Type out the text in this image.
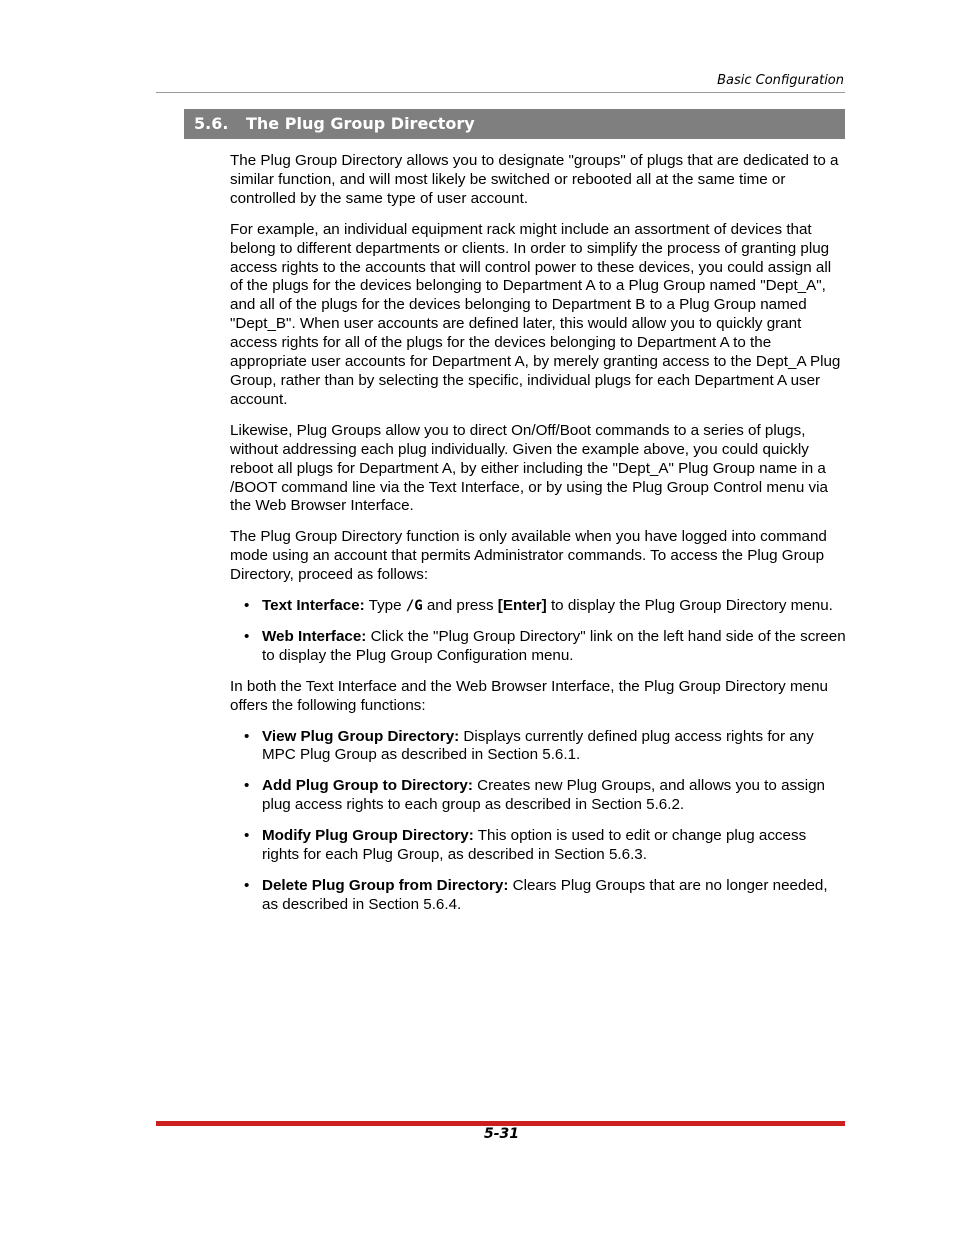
Basic Configuration
5.6. The Plug Group Directory

The Plug Group Directory allows you to designate "groups" of plugs that are dedicated to a similar function, and will most likely be switched or rebooted all at the same time or controlled by the same type of user account.

For example, an individual equipment rack might include an assortment of devices that belong to different departments or clients. In order to simplify the process of granting plug access rights to the accounts that will control power to these devices, you could assign all of the plugs for the devices belonging to Department A to a Plug Group named "Dept_A", and all of the plugs for the devices belonging to Department B to a Plug Group named "Dept_B". When user accounts are defined later, this would allow you to quickly grant access rights for all of the plugs for the devices belonging to Department A to the appropriate user accounts for Department A, by merely granting access to the Dept_A Plug Group, rather than by selecting the specific, individual plugs for each Department A user account.

Likewise, Plug Groups allow you to direct On/Off/Boot commands to a series of plugs, without addressing each plug individually. Given the example above, you could quickly reboot all plugs for Department A, by either including the "Dept_A" Plug Group name in a /BOOT command line via the Text Interface, or by using the Plug Group Control menu via the Web Browser Interface.

The Plug Group Directory function is only available when you have logged into command mode using an account that permits Administrator commands. To access the Plug Group Directory, proceed as follows:

• Text Interface: Type /G and press [Enter] to display the Plug Group Directory menu.
• Web Interface: Click the "Plug Group Directory" link on the left hand side of the screen to display the Plug Group Configuration menu.

In both the Text Interface and the Web Browser Interface, the Plug Group Directory menu offers the following functions:

• View Plug Group Directory: Displays currently defined plug access rights for any MPC Plug Group as described in Section 5.6.1.
• Add Plug Group to Directory: Creates new Plug Groups, and allows you to assign plug access rights to each group as described in Section 5.6.2.
• Modify Plug Group Directory: This option is used to edit or change plug access rights for each Plug Group, as described in Section 5.6.3.
• Delete Plug Group from Directory: Clears Plug Groups that are no longer needed, as described in Section 5.6.4.
5-31
